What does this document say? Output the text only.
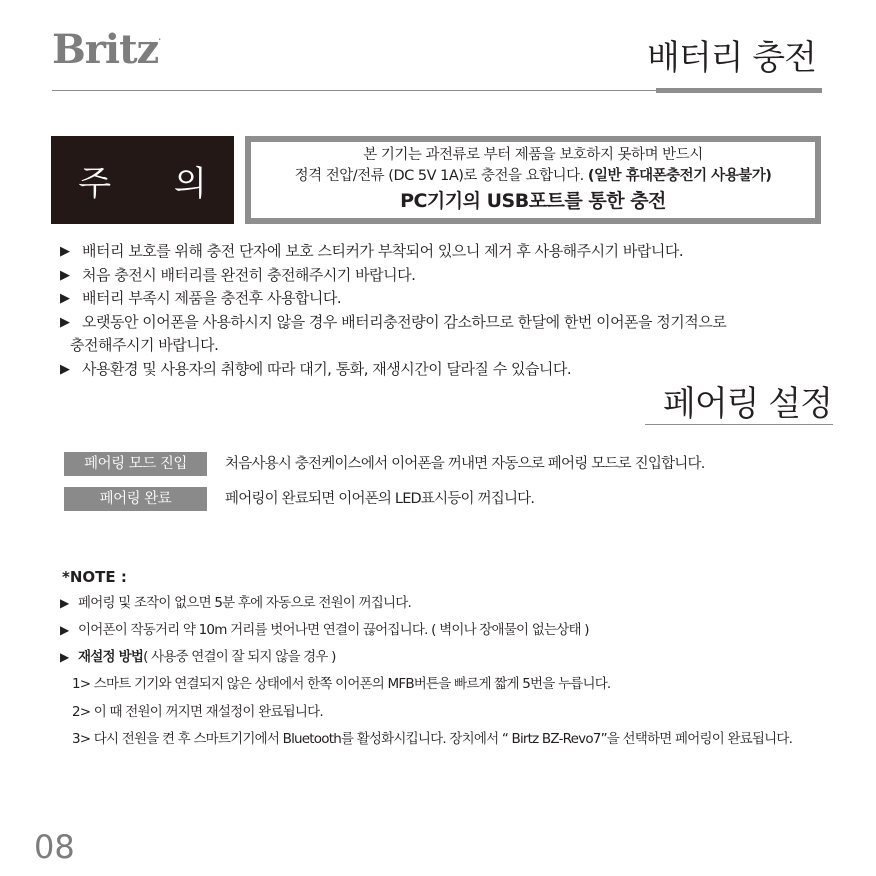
Britz.
배터리 충전
주 의
본 기기는 과전류로 부터 제품을 보호하지 못하며 반드시
정격 전압/전류 (DC 5V 1A)로 충전을 요합니다. (일반 휴대폰충전기 사용불가)
PC기기의 USB포트를 통한 충전
▶ 배터리 보호를 위해 충전 단자에 보호 스티커가 부착되어 있으니 제거 후 사용해주시기 바랍니다.
▶ 처음 충전시 배터리를 완전히 충전해주시기 바랍니다.
▶ 배터리 부족시 제품을 충전후 사용합니다.
▶ 오랫동안 이어폰을 사용하시지 않을 경우 배터리충전량이 감소하므로 한달에 한번 이어폰을 정기적으로
충전해주시기 바랍니다.
▶ 사용환경 및 사용자의 취향에 따라 대기, 통화, 재생시간이 달라질 수 있습니다.
페어링 설정
페어링 모드 진입	처음사용시 충전케이스에서 이어폰을 꺼내면 자동으로 페어링 모드로 진입합니다.
페어링 완료	페어링이 완료되면 이어폰의 LED표시등이 꺼집니다.
*NOTE :
▶ 페어링 및 조작이 없으면 5분 후에 자동으로 전원이 꺼집니다.
▶ 이어폰이 작동거리 약 10m 거리를 벗어나면 연결이 끊어집니다. ( 벽이나 장애물이 없는상태 )
▶ 재설정 방법 ( 사용중 연결이 잘 되지 않을 경우 )
1> 스마트 기기와 연결되지 않은 상태에서 한쪽 이어폰의 MFB버튼을 빠르게 짧게 5번을 누릅니다.
2> 이 때 전원이 꺼지면 재설정이 완료됩니다.
3> 다시 전원을 켠 후 스마트기기에서 Bluetooth를 활성화시킵니다. 장치에서 “ Birtz BZ-Revo7”을 선택하면 페어링이 완료됩니다.
08
